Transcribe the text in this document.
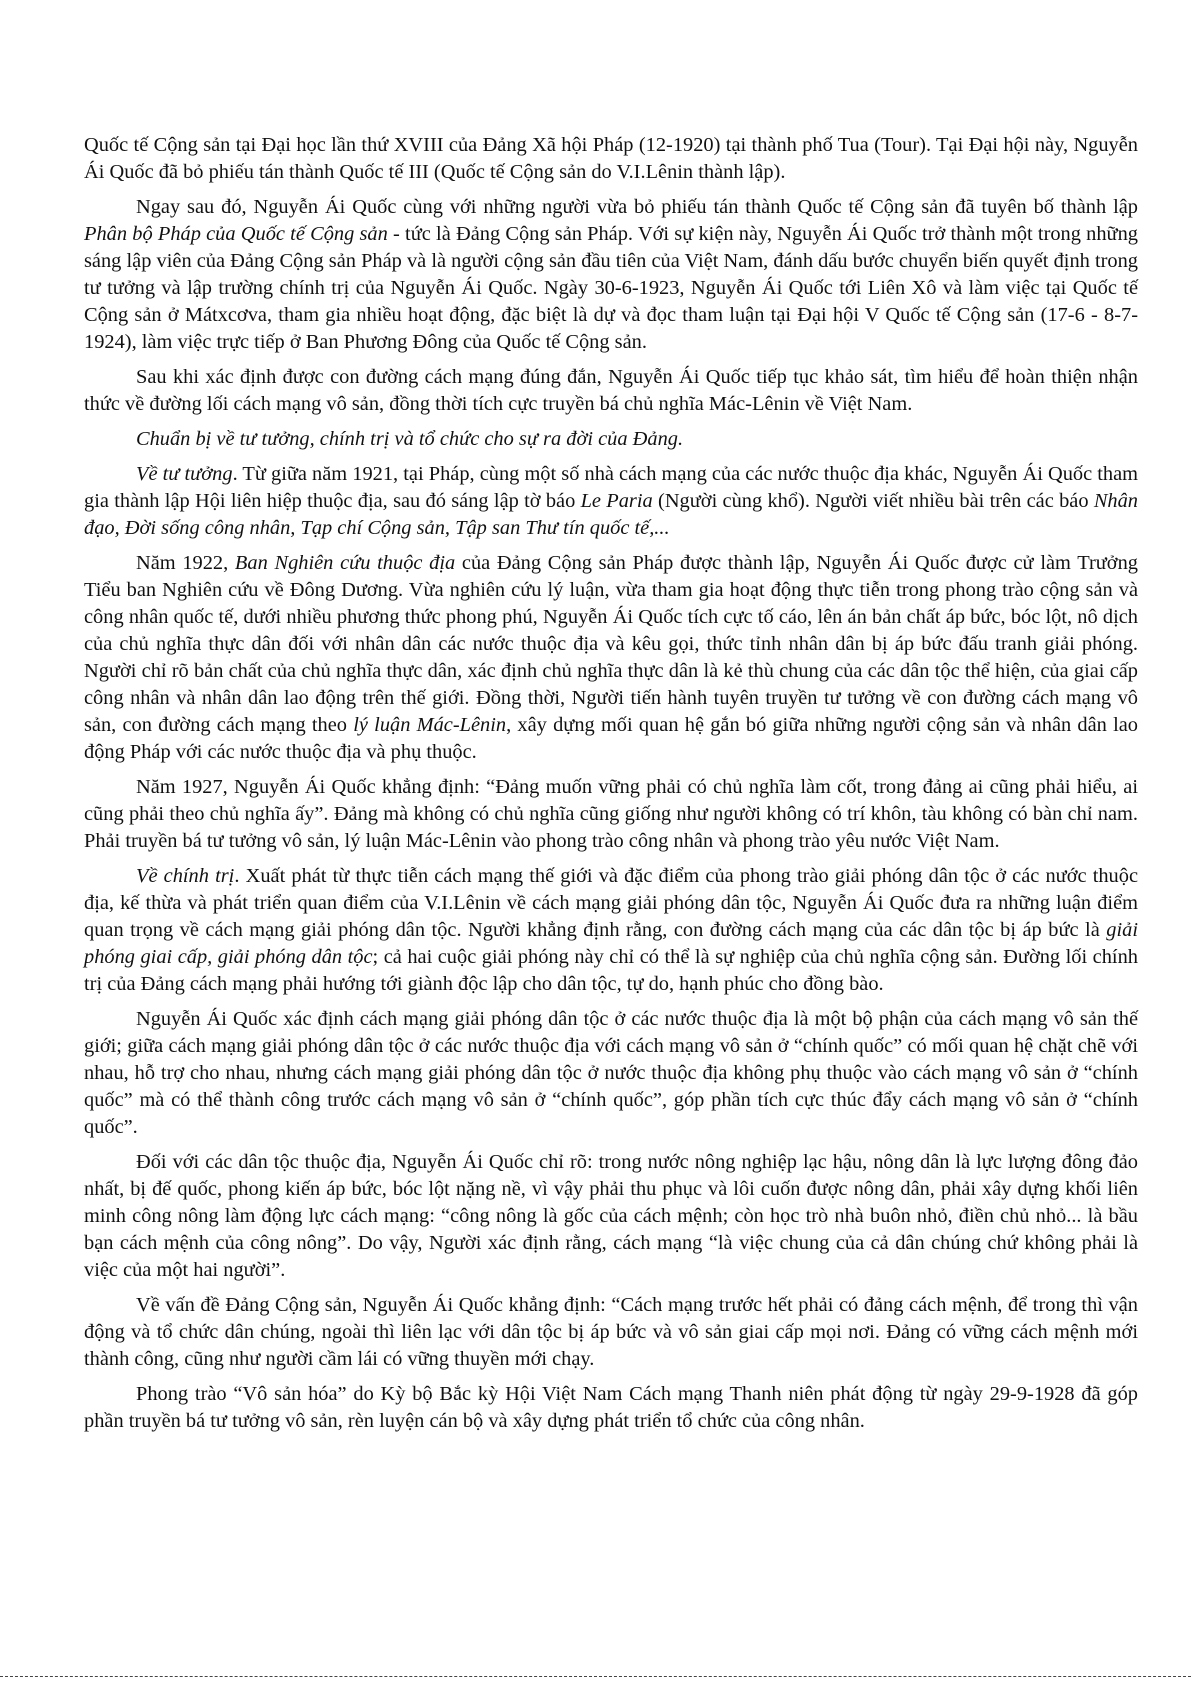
Quốc tế Cộng sản tại Đại học lần thứ XVIII của Đảng Xã hội Pháp (12-1920) tại thành phố Tua (Tour). Tại Đại hội này, Nguyễn Ái Quốc đã bỏ phiếu tán thành Quốc tế III (Quốc tế Cộng sản do V.I.Lênin thành lập).

Ngay sau đó, Nguyễn Ái Quốc cùng với những người vừa bỏ phiếu tán thành Quốc tế Cộng sản đã tuyên bố thành lập Phân bộ Pháp của Quốc tế Cộng sản - tức là Đảng Cộng sản Pháp. Với sự kiện này, Nguyễn Ái Quốc trở thành một trong những sáng lập viên của Đảng Cộng sản Pháp và là người cộng sản đầu tiên của Việt Nam, đánh dấu bước chuyển biến quyết định trong tư tưởng và lập trường chính trị của Nguyễn Ái Quốc. Ngày 30-6-1923, Nguyễn Ái Quốc tới Liên Xô và làm việc tại Quốc tế Cộng sản ở Mátxcơva, tham gia nhiều hoạt động, đặc biệt là dự và đọc tham luận tại Đại hội V Quốc tế Cộng sản (17-6 - 8-7-1924), làm việc trực tiếp ở Ban Phương Đông của Quốc tế Cộng sản.

Sau khi xác định được con đường cách mạng đúng đắn, Nguyễn Ái Quốc tiếp tục khảo sát, tìm hiểu để hoàn thiện nhận thức về đường lối cách mạng vô sản, đồng thời tích cực truyền bá chủ nghĩa Mác-Lênin về Việt Nam.

Chuẩn bị về tư tưởng, chính trị và tổ chức cho sự ra đời của Đảng.

Về tư tưởng. Từ giữa năm 1921, tại Pháp, cùng một số nhà cách mạng của các nước thuộc địa khác, Nguyễn Ái Quốc tham gia thành lập Hội liên hiệp thuộc địa, sau đó sáng lập tờ báo Le Paria (Người cùng khổ). Người viết nhiều bài trên các báo Nhân đạo, Đời sống công nhân, Tạp chí Cộng sản, Tập san Thư tín quốc tế,...

Năm 1922, Ban Nghiên cứu thuộc địa của Đảng Cộng sản Pháp được thành lập, Nguyễn Ái Quốc được cử làm Trưởng Tiểu ban Nghiên cứu về Đông Dương. Vừa nghiên cứu lý luận, vừa tham gia hoạt động thực tiễn trong phong trào cộng sản và công nhân quốc tế, dưới nhiều phương thức phong phú, Nguyễn Ái Quốc tích cực tố cáo, lên án bản chất áp bức, bóc lột, nô dịch của chủ nghĩa thực dân đối với nhân dân các nước thuộc địa và kêu gọi, thức tỉnh nhân dân bị áp bức đấu tranh giải phóng. Người chỉ rõ bản chất của chủ nghĩa thực dân, xác định chủ nghĩa thực dân là kẻ thù chung của các dân tộc thể hiện, của giai cấp công nhân và nhân dân lao động trên thế giới. Đồng thời, Người tiến hành tuyên truyền tư tưởng về con đường cách mạng vô sản, con đường cách mạng theo lý luận Mác-Lênin, xây dựng mối quan hệ gắn bó giữa những người cộng sản và nhân dân lao động Pháp với các nước thuộc địa và phụ thuộc.

Năm 1927, Nguyễn Ái Quốc khẳng định: “Đảng muốn vững phải có chủ nghĩa làm cốt, trong đảng ai cũng phải hiểu, ai cũng phải theo chủ nghĩa ấy”. Đảng mà không có chủ nghĩa cũng giống như người không có trí khôn, tàu không có bàn chỉ nam. Phải truyền bá tư tưởng vô sản, lý luận Mác-Lênin vào phong trào công nhân và phong trào yêu nước Việt Nam.

Về chính trị. Xuất phát từ thực tiễn cách mạng thế giới và đặc điểm của phong trào giải phóng dân tộc ở các nước thuộc địa, kế thừa và phát triển quan điểm của V.I.Lênin về cách mạng giải phóng dân tộc, Nguyễn Ái Quốc đưa ra những luận điểm quan trọng về cách mạng giải phóng dân tộc. Người khẳng định rằng, con đường cách mạng của các dân tộc bị áp bức là giải phóng giai cấp, giải phóng dân tộc; cả hai cuộc giải phóng này chỉ có thể là sự nghiệp của chủ nghĩa cộng sản. Đường lối chính trị của Đảng cách mạng phải hướng tới giành độc lập cho dân tộc, tự do, hạnh phúc cho đồng bào.

Nguyễn Ái Quốc xác định cách mạng giải phóng dân tộc ở các nước thuộc địa là một bộ phận của cách mạng vô sản thế giới; giữa cách mạng giải phóng dân tộc ở các nước thuộc địa với cách mạng vô sản ở “chính quốc” có mối quan hệ chặt chẽ với nhau, hỗ trợ cho nhau, nhưng cách mạng giải phóng dân tộc ở nước thuộc địa không phụ thuộc vào cách mạng vô sản ở “chính quốc” mà có thể thành công trước cách mạng vô sản ở “chính quốc”, góp phần tích cực thúc đẩy cách mạng vô sản ở “chính quốc”.

Đối với các dân tộc thuộc địa, Nguyễn Ái Quốc chỉ rõ: trong nước nông nghiệp lạc hậu, nông dân là lực lượng đông đảo nhất, bị đế quốc, phong kiến áp bức, bóc lột nặng nề, vì vậy phải thu phục và lôi cuốn được nông dân, phải xây dựng khối liên minh công nông làm động lực cách mạng: “công nông là gốc của cách mệnh; còn học trò nhà buôn nhỏ, điền chủ nhỏ... là bầu bạn cách mệnh của công nông”. Do vậy, Người xác định rằng, cách mạng “là việc chung của cả dân chúng chứ không phải là việc của một hai người”.

Về vấn đề Đảng Cộng sản, Nguyễn Ái Quốc khẳng định: “Cách mạng trước hết phải có đảng cách mệnh, để trong thì vận động và tổ chức dân chúng, ngoài thì liên lạc với dân tộc bị áp bức và vô sản giai cấp mọi nơi. Đảng có vững cách mệnh mới thành công, cũng như người cầm lái có vững thuyền mới chạy.

Phong trào “Vô sản hóa” do Kỳ bộ Bắc kỳ Hội Việt Nam Cách mạng Thanh niên phát động từ ngày 29-9-1928 đã góp phần truyền bá tư tưởng vô sản, rèn luyện cán bộ và xây dựng phát triển tổ chức của công nhân.
